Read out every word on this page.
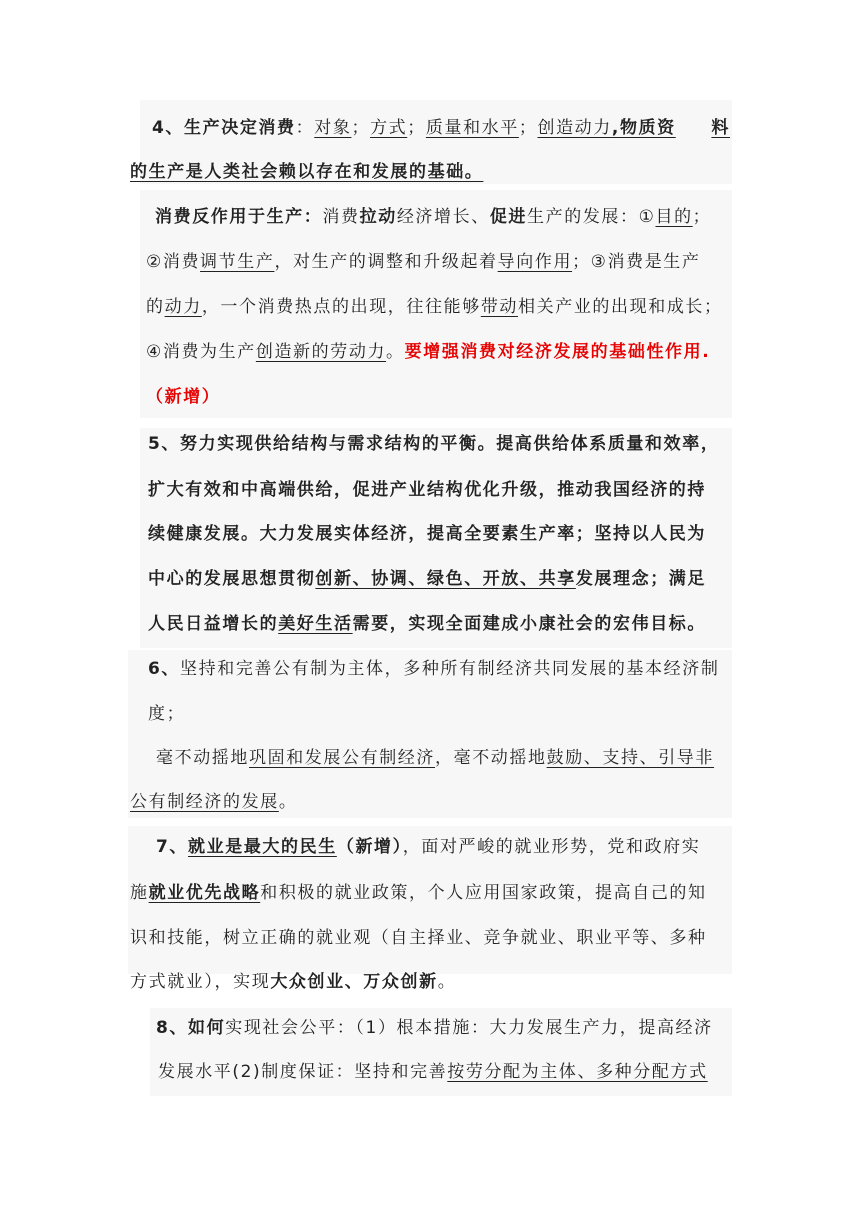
4、生产决定消费：对象；方式；质量和水平；创造动力,物质资 料
的生产是人类社会赖以存在和发展的基础。
消费反作用于生产：消费拉动经济增长、促进生产的发展：①目的；
②消费调节生产，对生产的调整和升级起着导向作用；③消费是生产
的动力，一个消费热点的出现，往往能够带动相关产业的出现和成长；
④消费为生产创造新的劳动力。要增强消费对经济发展的基础性作用.
（新增）
5、努力实现供给结构与需求结构的平衡。提高供给体系质量和效率，
扩大有效和中高端供给，促进产业结构优化升级，推动我国经济的持
续健康发展。大力发展实体经济，提高全要素生产率；坚持以人民为
中心的发展思想贯彻创新、协调、绿色、开放、共享发展理念；满足
人民日益增长的美好生活需要，实现全面建成小康社会的宏伟目标。
6、坚持和完善公有制为主体，多种所有制经济共同发展的基本经济制
度；
毫不动摇地巩固和发展公有制经济，毫不动摇地鼓励、支持、引导非
公有制经济的发展。
7、就业是最大的民生（新增），面对严峻的就业形势，党和政府实
施就业优先战略和积极的就业政策，个人应用国家政策，提高自己的知
识和技能，树立正确的就业观（自主择业、竞争就业、职业平等、多种
方式就业），实现大众创业、万众创新。
8、如何实现社会公平：（1）根本措施：大力发展生产力，提高经济
发展水平(2)制度保证：坚持和完善按劳分配为主体、多种分配方式
